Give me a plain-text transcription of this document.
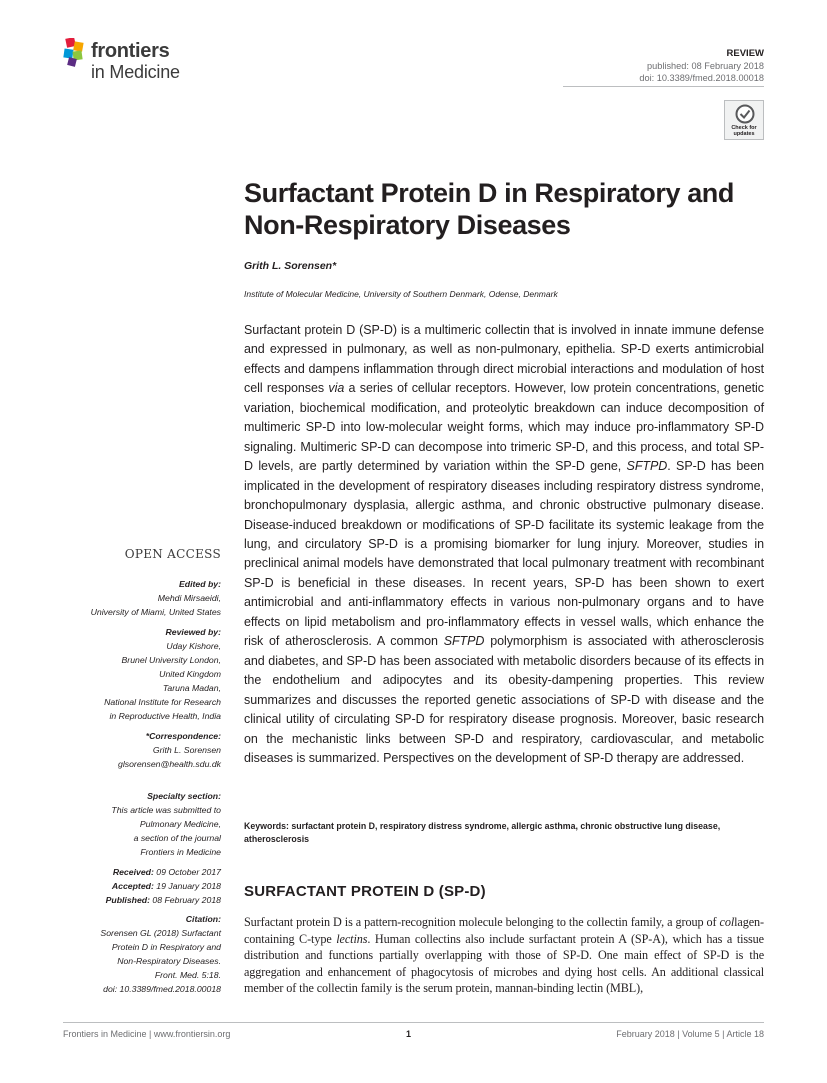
frontiers
in Medicine
REVIEW
published: 08 February 2018
doi: 10.3389/fmed.2018.00018
Check for updates
Surfactant Protein D in Respiratory and Non-Respiratory Diseases
Grith L. Sorensen*
Institute of Molecular Medicine, University of Southern Denmark, Odense, Denmark
Surfactant protein D (SP-D) is a multimeric collectin that is involved in innate immune defense and expressed in pulmonary, as well as non-pulmonary, epithelia. SP-D exerts antimicrobial effects and dampens inflammation through direct microbial interactions and modulation of host cell responses via a series of cellular receptors. However, low protein concentrations, genetic variation, biochemical modification, and proteolytic breakdown can induce decomposition of multimeric SP-D into low-molecular weight forms, which may induce pro-inflammatory SP-D signaling. Multimeric SP-D can decompose into trimeric SP-D, and this process, and total SP-D levels, are partly determined by variation within the SP-D gene, SFTPD. SP-D has been implicated in the development of respiratory diseases including respiratory distress syndrome, bronchopulmonary dysplasia, allergic asthma, and chronic obstructive pulmonary disease. Disease-induced breakdown or modifications of SP-D facilitate its systemic leakage from the lung, and circulatory SP-D is a promising biomarker for lung injury. Moreover, studies in preclinical animal models have demonstrated that local pulmonary treatment with recombinant SP-D is beneficial in these diseases. In recent years, SP-D has been shown to exert antimicrobial and anti-inflammatory effects in various non-pulmonary organs and to have effects on lipid metabolism and pro-inflammatory effects in vessel walls, which enhance the risk of atherosclerosis. A common SFTPD polymorphism is associated with atherosclerosis and diabetes, and SP-D has been associated with metabolic disorders because of its effects in the endothelium and adipocytes and its obesity-dampening properties. This review summarizes and discusses the reported genetic associations of SP-D with disease and the clinical utility of circulating SP-D for respiratory disease prognosis. Moreover, basic research on the mechanistic links between SP-D and respiratory, cardiovascular, and metabolic diseases is summarized. Perspectives on the development of SP-D therapy are addressed.
Keywords: surfactant protein D, respiratory distress syndrome, allergic asthma, chronic obstructive lung disease, atherosclerosis
OPEN ACCESS
Edited by:
Mehdi Mirsaeidi,
University of Miami, United States
Reviewed by:
Uday Kishore,
Brunel University London,
United Kingdom
Taruna Madan,
National Institute for Research
in Reproductive Health, India
*Correspondence:
Grith L. Sorensen
glsorensen@health.sdu.dk
Specialty section:
This article was submitted to
Pulmonary Medicine,
a section of the journal
Frontiers in Medicine
Received: 09 October 2017
Accepted: 19 January 2018
Published: 08 February 2018
Citation:
Sorensen GL (2018) Surfactant
Protein D in Respiratory and
Non-Respiratory Diseases.
Front. Med. 5:18.
doi: 10.3389/fmed.2018.00018
SURFACTANT PROTEIN D (SP-D)
Surfactant protein D is a pattern-recognition molecule belonging to the collectin family, a group of collagen-containing C-type lectins. Human collectins also include surfactant protein A (SP-A), which has a tissue distribution and functions partially overlapping with those of SP-D. One main effect of SP-D is the aggregation and enhancement of phagocytosis of microbes and dying host cells. An additional classical member of the collectin family is the serum protein, mannan-binding lectin (MBL),
Frontiers in Medicine | www.frontiersin.org	1	February 2018 | Volume 5 | Article 18
